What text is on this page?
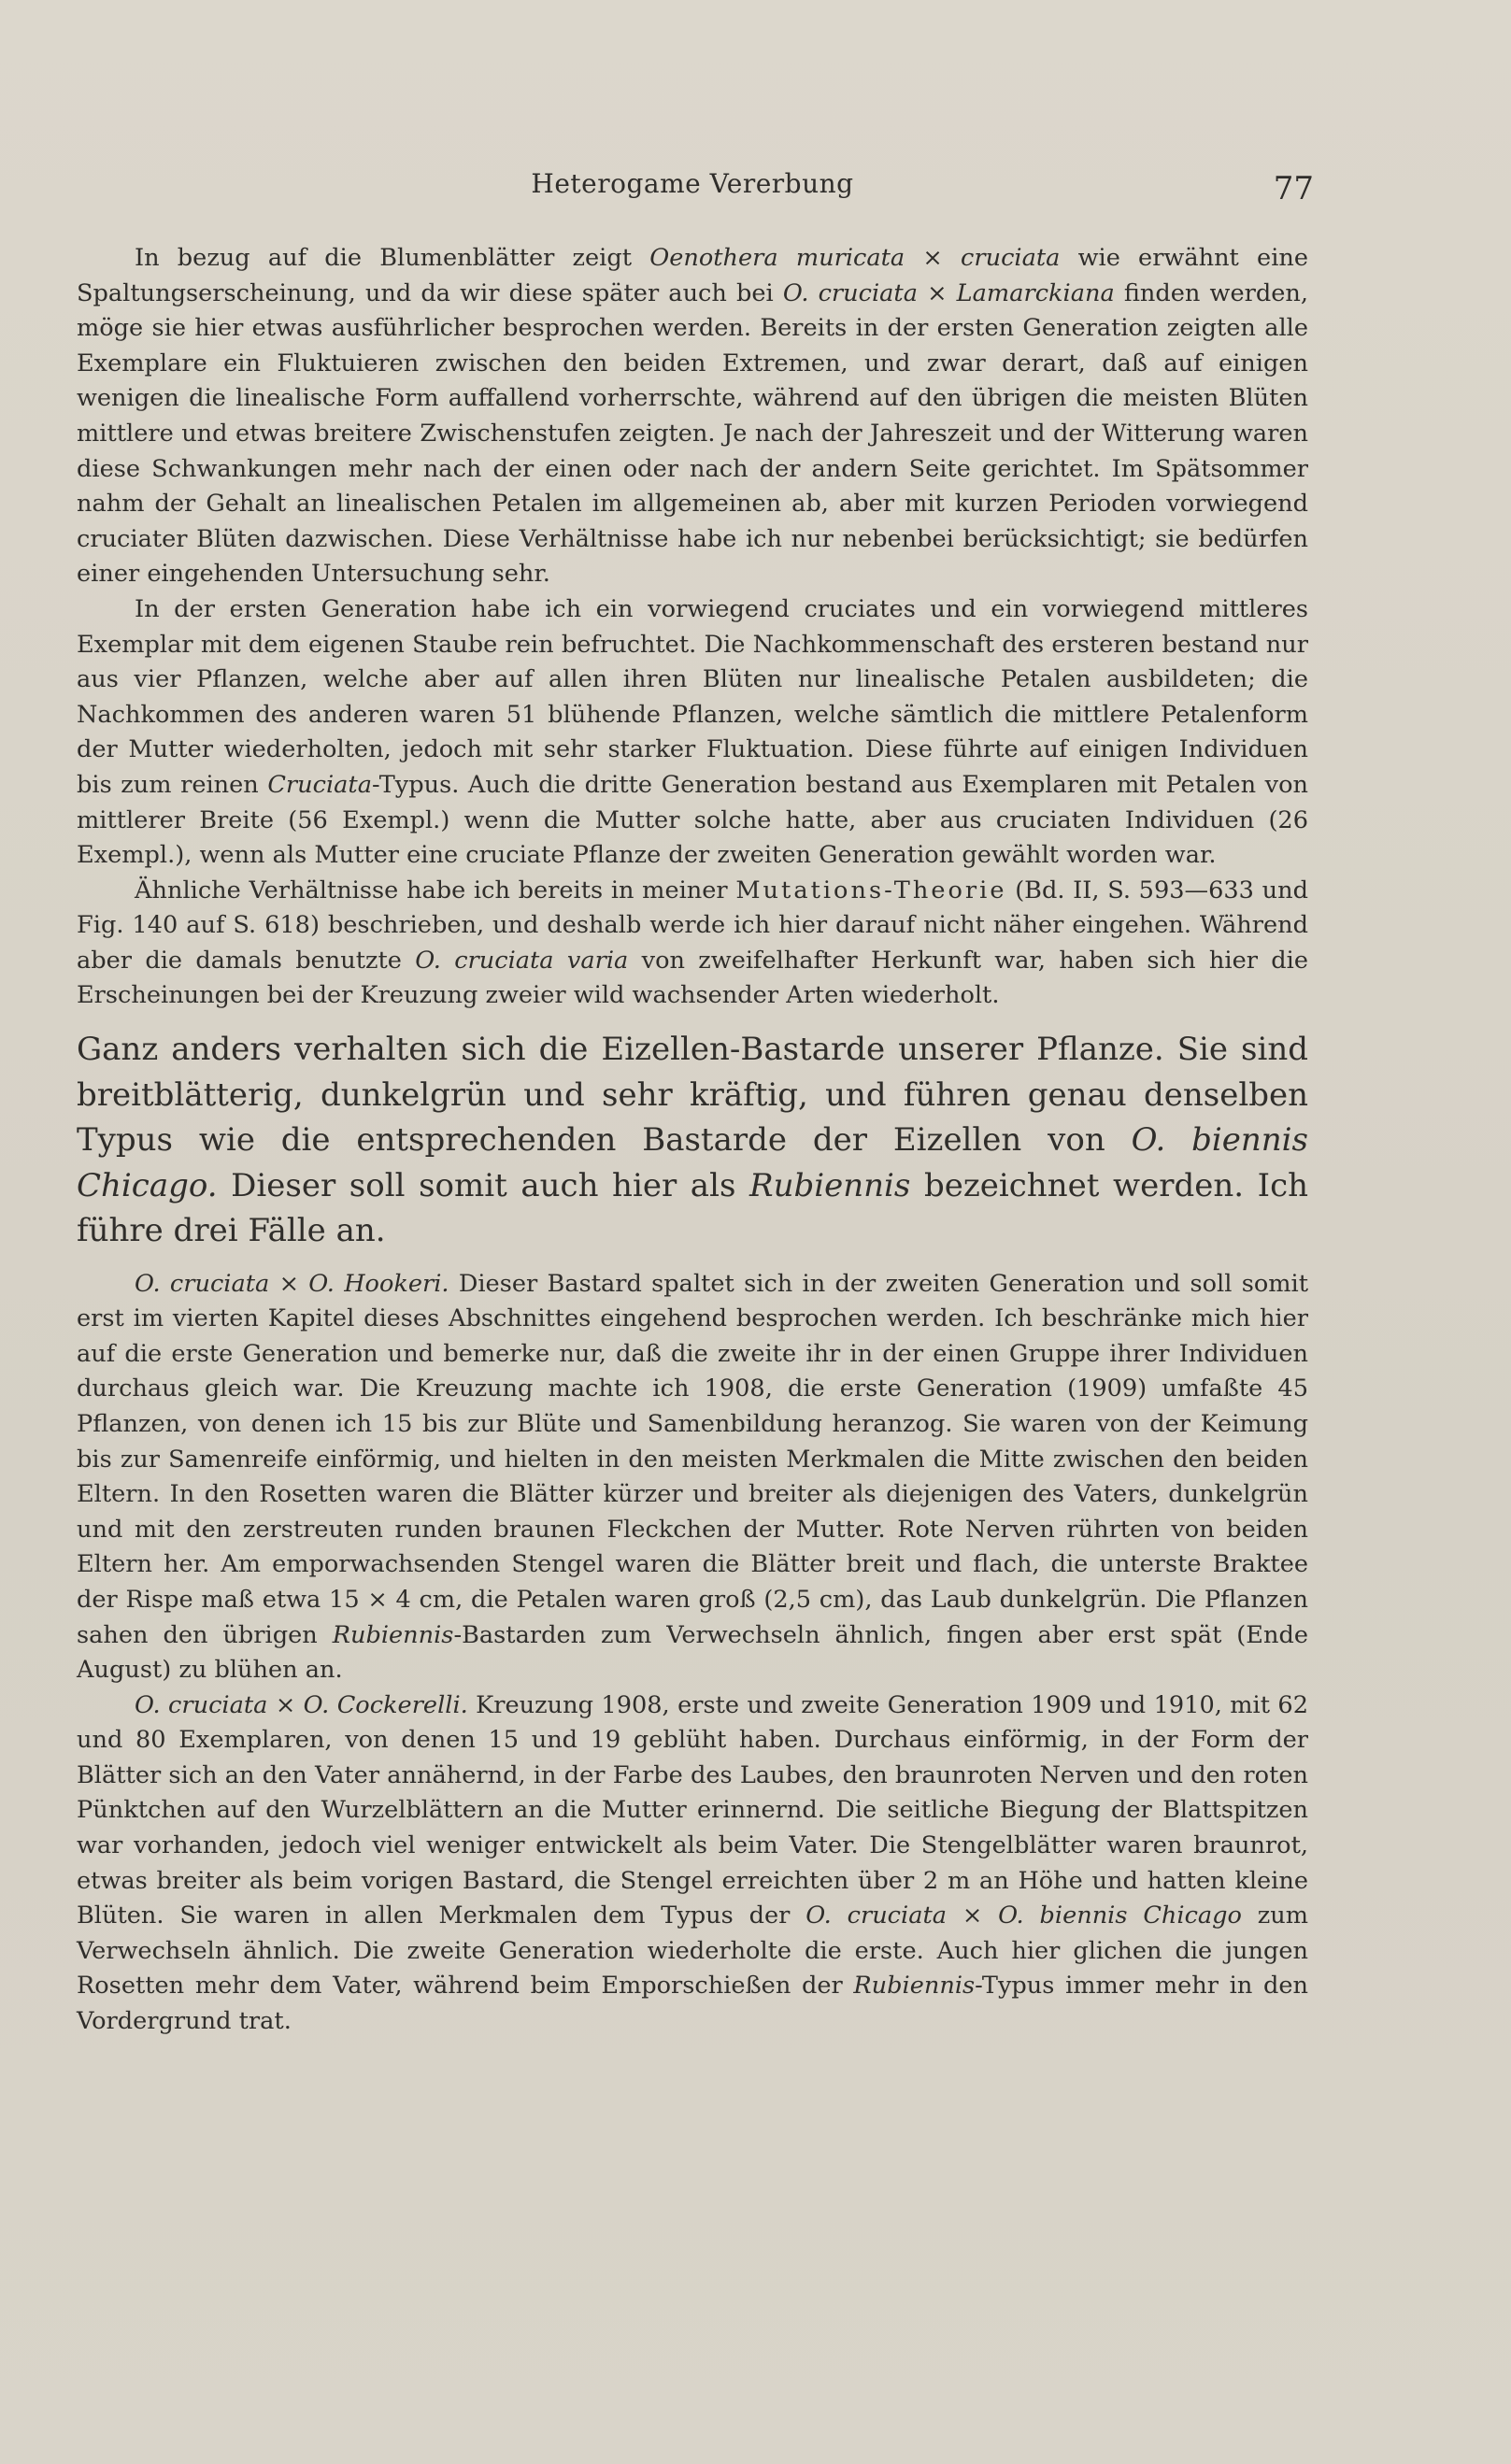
Heterogame Vererbung	77

In bezug auf die Blumenblätter zeigt Oenothera muricata × cruciata wie erwähnt eine Spaltungserscheinung, und da wir diese später auch bei O. cruciata × Lamarckiana finden werden, möge sie hier etwas ausführlicher besprochen werden. Bereits in der ersten Generation zeigten alle Exemplare ein Fluktuieren zwischen den beiden Extremen, und zwar derart, daß auf einigen wenigen die linealische Form auffallend vorherrschte, während auf den übrigen die meisten Blüten mittlere und etwas breitere Zwischenstufen zeigten. Je nach der Jahreszeit und der Witterung waren diese Schwankungen mehr nach der einen oder nach der andern Seite gerichtet. Im Spätsommer nahm der Gehalt an linealischen Petalen im allgemeinen ab, aber mit kurzen Perioden vorwiegend cruciater Blüten dazwischen. Diese Verhältnisse habe ich nur nebenbei berücksichtigt; sie bedürfen einer eingehenden Untersuchung sehr.

In der ersten Generation habe ich ein vorwiegend cruciates und ein vorwiegend mittleres Exemplar mit dem eigenen Staube rein befruchtet. Die Nachkommenschaft des ersteren bestand nur aus vier Pflanzen, welche aber auf allen ihren Blüten nur linealische Petalen ausbildeten; die Nachkommen des anderen waren 51 blühende Pflanzen, welche sämtlich die mittlere Petalenform der Mutter wiederholten, jedoch mit sehr starker Fluktuation. Diese führte auf einigen Individuen bis zum reinen Cruciata-Typus. Auch die dritte Generation bestand aus Exemplaren mit Petalen von mittlerer Breite (56 Exempl.) wenn die Mutter solche hatte, aber aus cruciaten Individuen (26 Exempl.), wenn als Mutter eine cruciate Pflanze der zweiten Generation gewählt worden war.

Ähnliche Verhältnisse habe ich bereits in meiner Mutations-Theorie (Bd. II, S. 593—633 und Fig. 140 auf S. 618) beschrieben, und deshalb werde ich hier darauf nicht näher eingehen. Während aber die damals benutzte O. cruciata varia von zweifelhafter Herkunft war, haben sich hier die Erscheinungen bei der Kreuzung zweier wild wachsender Arten wiederholt.

Ganz anders verhalten sich die Eizellen-Bastarde unserer Pflanze. Sie sind breitblätterig, dunkelgrün und sehr kräftig, und führen genau denselben Typus wie die entsprechenden Bastarde der Eizellen von O. biennis Chicago. Dieser soll somit auch hier als Rubiennis bezeichnet werden. Ich führe drei Fälle an.

O. cruciata × O. Hookeri. Dieser Bastard spaltet sich in der zweiten Generation und soll somit erst im vierten Kapitel dieses Abschnittes eingehend besprochen werden. Ich beschränke mich hier auf die erste Generation und bemerke nur, daß die zweite ihr in der einen Gruppe ihrer Individuen durchaus gleich war. Die Kreuzung machte ich 1908, die erste Generation (1909) umfaßte 45 Pflanzen, von denen ich 15 bis zur Blüte und Samenbildung heranzog. Sie waren von der Keimung bis zur Samenreife einförmig, und hielten in den meisten Merkmalen die Mitte zwischen den beiden Eltern. In den Rosetten waren die Blätter kürzer und breiter als diejenigen des Vaters, dunkelgrün und mit den zerstreuten runden braunen Fleckchen der Mutter. Rote Nerven rührten von beiden Eltern her. Am emporwachsenden Stengel waren die Blätter breit und flach, die unterste Braktee der Rispe maß etwa 15 × 4 cm, die Petalen waren groß (2,5 cm), das Laub dunkelgrün. Die Pflanzen sahen den übrigen Rubiennis-Bastarden zum Verwechseln ähnlich, fingen aber erst spät (Ende August) zu blühen an.

O. cruciata × O. Cockerelli. Kreuzung 1908, erste und zweite Generation 1909 und 1910, mit 62 und 80 Exemplaren, von denen 15 und 19 geblüht haben. Durchaus einförmig, in der Form der Blätter sich an den Vater annähernd, in der Farbe des Laubes, den braunroten Nerven und den roten Pünktchen auf den Wurzelblättern an die Mutter erinnernd. Die seitliche Biegung der Blattspitzen war vorhanden, jedoch viel weniger entwickelt als beim Vater. Die Stengelblätter waren braunrot, etwas breiter als beim vorigen Bastard, die Stengel erreichten über 2 m an Höhe und hatten kleine Blüten. Sie waren in allen Merkmalen dem Typus der O. cruciata × O. biennis Chicago zum Verwechseln ähnlich. Die zweite Generation wiederholte die erste. Auch hier glichen die jungen Rosetten mehr dem Vater, während beim Emporschießen der Rubiennis-Typus immer mehr in den Vordergrund trat.
